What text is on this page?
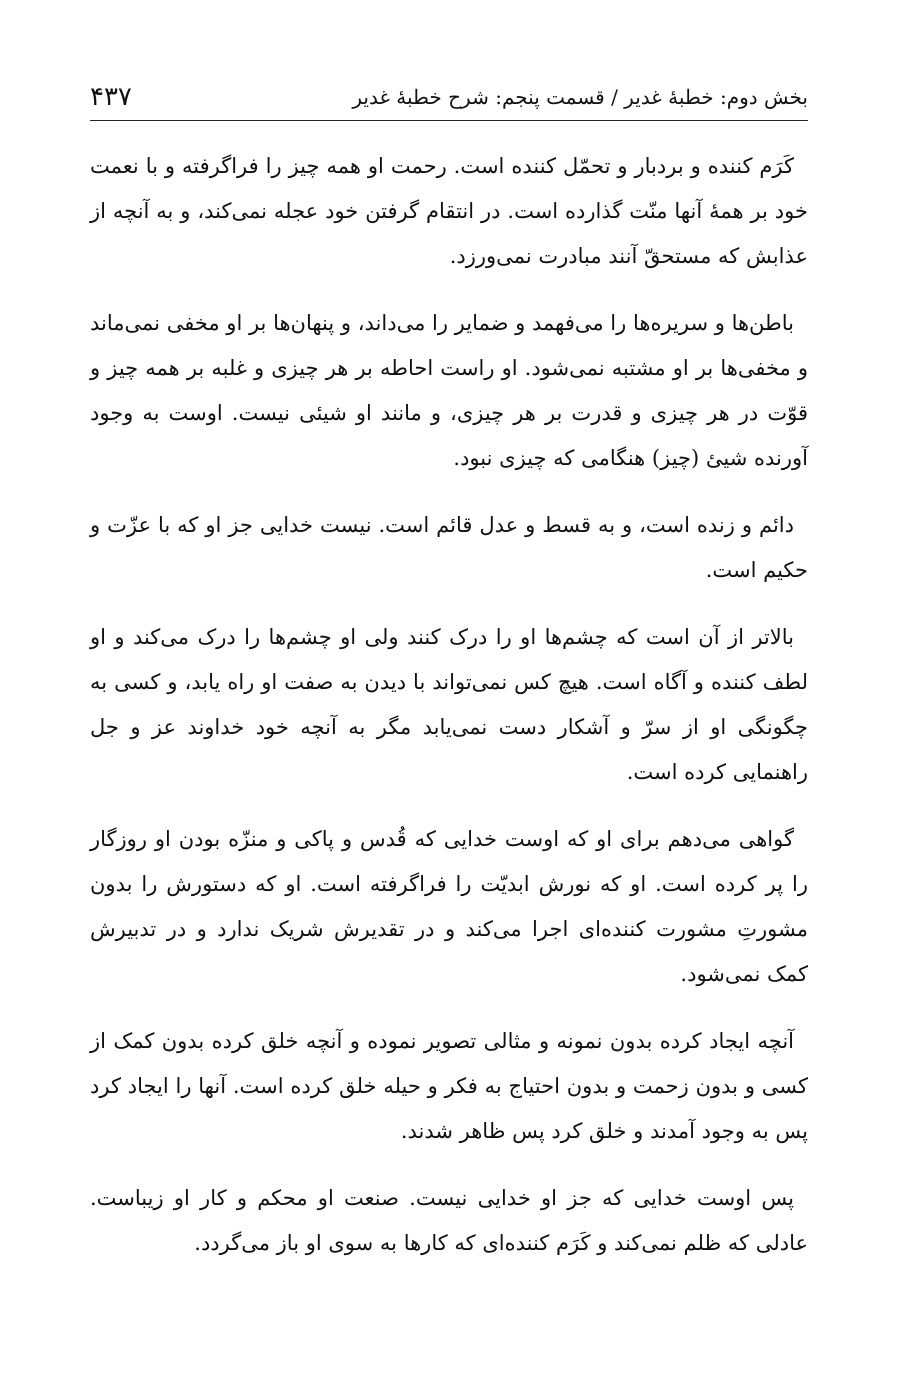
بخش دوم: خطبهٔ غدیر / قسمت پنجم: شرح خطبهٔ غدیر
۴۳۷

کَرَم کننده و بردبار و تحمّل کننده است. رحمت او همه چیز را فراگرفته و با نعمت خود بر همهٔ آنها منّت گذارده است. در انتقام گرفتن خود عجله نمی‌کند، و به آنچه از عذابش که مستحقّ آنند مبادرت نمی‌ورزد.

باطن‌ها و سریره‌ها را می‌فهمد و ضمایر را می‌داند، و پنهان‌ها بر او مخفی نمی‌ماند و مخفی‌ها بر او مشتبه نمی‌شود. او راست احاطه بر هر چیزی و غلبه بر همه چیز و قوّت در هر چیزی و قدرت بر هر چیزی، و مانند او شیئی نیست. اوست به وجود آورنده شیئ (چیز) هنگامی که چیزی نبود.

دائم و زنده است، و به قسط و عدل قائم است. نیست خدایی جز او که با عزّت و حکیم است.

بالاتر از آن است که چشم‌ها او را درک کنند ولی او چشم‌ها را درک می‌کند و او لطف کننده و آگاه است. هیچ کس نمی‌تواند با دیدن به صفت او راه یابد، و کسی به چگونگی او از سرّ و آشکار دست نمی‌یابد مگر به آنچه خود خداوند عز و جل راهنمایی کرده است.

گواهی می‌دهم برای او که اوست خدایی که قُدس و پاکی و منزّه بودن او روزگار را پر کرده است. او که نورش ابدیّت را فراگرفته است. او که دستورش را بدون مشورتِ مشورت کننده‌ای اجرا می‌کند و در تقدیرش شریک ندارد و در تدبیرش کمک نمی‌شود.

آنچه ایجاد کرده بدون نمونه و مثالی تصویر نموده و آنچه خلق کرده بدون کمک از کسی و بدون زحمت و بدون احتیاج به فکر و حیله خلق کرده است. آنها را ایجاد کرد پس به وجود آمدند و خلق کرد پس ظاهر شدند.

پس اوست خدایی که جز او خدایی نیست. صنعت او محکم و کار او زیباست. عادلی که ظلم نمی‌کند و کَرَم کننده‌ای که کارها به سوی او باز می‌گردد.
